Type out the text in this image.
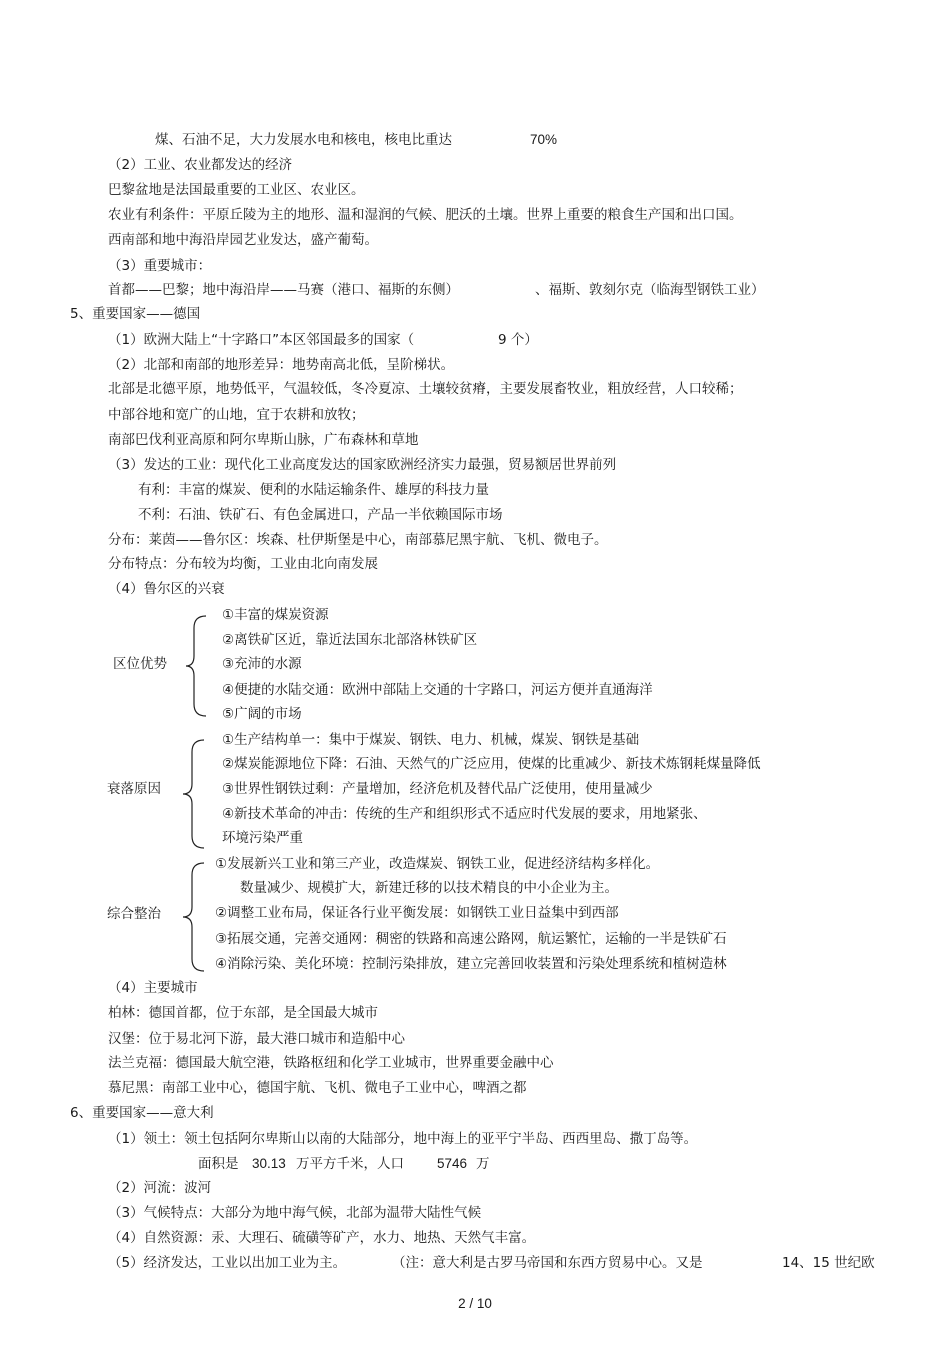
煤、石油不足，大力发展水电和核电，核电比重达	70%
（2）工业、农业都发达的经济
巴黎盆地是法国最重要的工业区、农业区。
农业有利条件：平原丘陵为主的地形、温和湿润的气候、肥沃的土壤。世界上重要的粮食生产国和出口国。
西南部和地中海沿岸园艺业发达，盛产葡萄。
（3）重要城市：
首都——巴黎；地中海沿岸——马赛（港口、福斯的东侧）	、福斯、敦刻尔克（临海型钢铁工业）
5、重要国家——德国
（1）欧洲大陆上“十字路口”本区邻国最多的国家（	9 个）
（2）北部和南部的地形差异：地势南高北低，呈阶梯状。
北部是北德平原，地势低平，气温较低，冬冷夏凉、土壤较贫瘠，主要发展畜牧业，粗放经营，人口较稀；
中部谷地和宽广的山地，宜于农耕和放牧；
南部巴伐利亚高原和阿尔卑斯山脉，广布森林和草地
（3）发达的工业：现代化工业高度发达的国家欧洲经济实力最强，贸易额居世界前列
有利：丰富的煤炭、便利的水陆运输条件、雄厚的科技力量
不利：石油、铁矿石、有色金属进口，产品一半依赖国际市场
分布：莱茵——鲁尔区：埃森、杜伊斯堡是中心，南部慕尼黑宇航、飞机、微电子。
分布特点：分布较为均衡，工业由北向南发展
（4）鲁尔区的兴衰
区位优势
①丰富的煤炭资源
②离铁矿区近，靠近法国东北部洛林铁矿区
③充沛的水源
④便捷的水陆交通：欧洲中部陆上交通的十字路口，河运方便并直通海洋
⑤广阔的市场
衰落原因
①生产结构单一：集中于煤炭、钢铁、电力、机械，煤炭、钢铁是基础
②煤炭能源地位下降：石油、天然气的广泛应用，使煤的比重减少、新技术炼钢耗煤量降低
③世界性钢铁过剩：产量增加，经济危机及替代品广泛使用，使用量减少
④新技术革命的冲击：传统的生产和组织形式不适应时代发展的要求，用地紧张、
环境污染严重
综合整治
①发展新兴工业和第三产业，改造煤炭、钢铁工业，促进经济结构多样化。
数量减少、规模扩大，新建迁移的以技术精良的中小企业为主。
②调整工业布局，保证各行业平衡发展：如钢铁工业日益集中到西部
③拓展交通，完善交通网：稠密的铁路和高速公路网，航运繁忙，运输的一半是铁矿石
④消除污染、美化环境：控制污染排放，建立完善回收装置和污染处理系统和植树造林
（4）主要城市
柏林：德国首都，位于东部，是全国最大城市
汉堡：位于易北河下游，最大港口城市和造船中心
法兰克福：德国最大航空港，铁路枢纽和化学工业城市，世界重要金融中心
慕尼黑：南部工业中心，德国宇航、飞机、微电子工业中心，啤酒之都
6、重要国家——意大利
（1）领土：领土包括阿尔卑斯山以南的大陆部分，地中海上的亚平宁半岛、西西里岛、撒丁岛等。
面积是 30.13 万平方千米，人口 5746 万
（2）河流：波河
（3）气候特点：大部分为地中海气候，北部为温带大陆性气候
（4）自然资源：汞、大理石、硫磺等矿产，水力、地热、天然气丰富。
（5）经济发达，工业以出加工业为主。	（注：意大利是古罗马帝国和东西方贸易中心。又是	14、15 世纪欧
2 / 10
